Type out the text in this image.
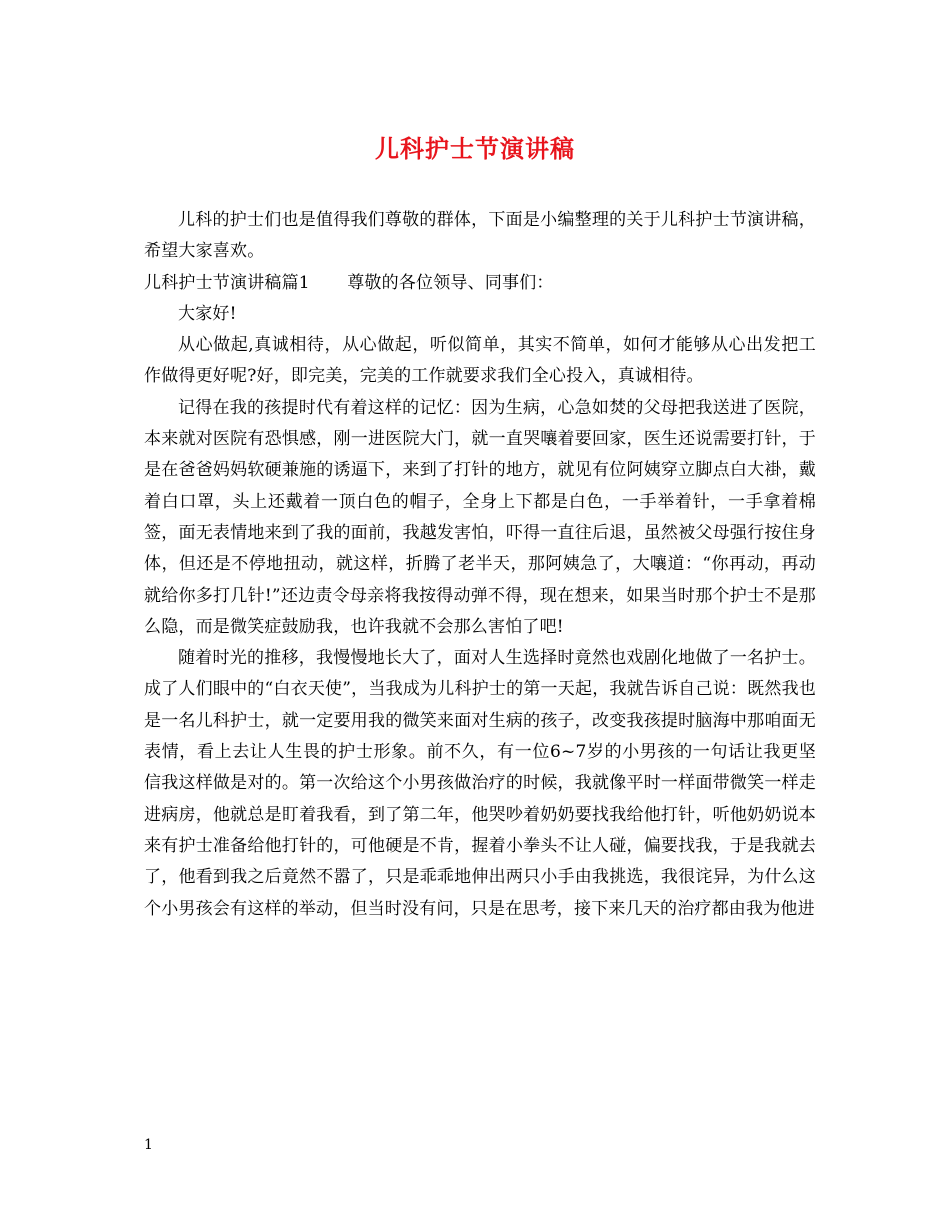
儿科护士节演讲稿

儿科的护士们也是值得我们尊敬的群体，下面是小编整理的关于儿科护士节演讲稿，希望大家喜欢。

儿科护士节演讲稿篇1 尊敬的各位领导、同事们：

大家好!

从心做起,真诚相待，从心做起，听似简单，其实不简单，如何才能够从心出发把工作做得更好呢?好，即完美，完美的工作就要求我们全心投入，真诚相待。

记得在我的孩提时代有着这样的记忆：因为生病，心急如焚的父母把我送进了医院，本来就对医院有恐惧感，刚一进医院大门，就一直哭嚷着要回家，医生还说需要打针，于是在爸爸妈妈软硬兼施的诱逼下，来到了打针的地方，就见有位阿姨穿立脚点白大褂，戴着白口罩，头上还戴着一顶白色的帽子，全身上下都是白色，一手举着针，一手拿着棉签，面无表情地来到了我的面前，我越发害怕，吓得一直往后退，虽然被父母强行按住身体，但还是不停地扭动，就这样，折腾了老半天，那阿姨急了，大嚷道：“你再动，再动就给你多打几针!”还边责令母亲将我按得动弹不得，现在想来，如果当时那个护士不是那么隐，而是微笑症鼓励我，也许我就不会那么害怕了吧!

随着时光的推移，我慢慢地长大了，面对人生选择时竟然也戏剧化地做了一名护士。成了人们眼中的“白衣天使”，当我成为儿科护士的第一天起，我就告诉自己说：既然我也是一名儿科护士，就一定要用我的微笑来面对生病的孩子，改变我孩提时脑海中那咱面无表情，看上去让人生畏的护士形象。前不久，有一位6~7岁的小男孩的一句话让我更坚信我这样做是对的。第一次给这个小男孩做治疗的时候，我就像平时一样面带微笑一样走进病房，他就总是盯着我看，到了第二年，他哭吵着奶奶要找我给他打针，听他奶奶说本来有护士准备给他打针的，可他硬是不肯，握着小拳头不让人碰，偏要找我，于是我就去了，他看到我之后竟然不嚣了，只是乖乖地伸出两只小手由我挑选，我很诧异，为什么这个小男孩会有这样的举动，但当时没有问，只是在思考，接下来几天的治疗都由我为他进

1
